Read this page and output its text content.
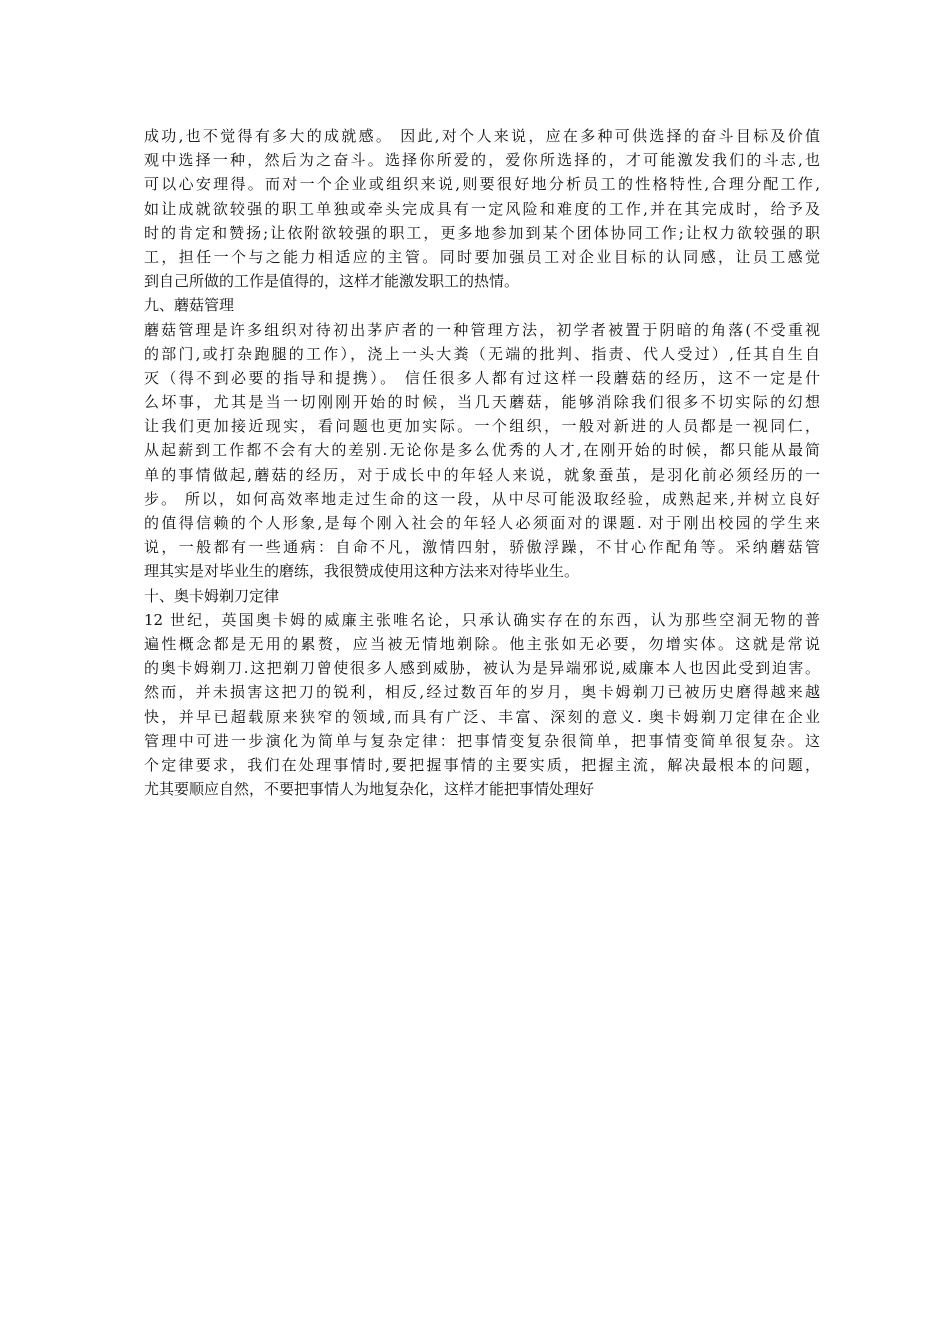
成功,也不觉得有多大的成就感。 因此,对个人来说，应在多种可供选择的奋斗目标及价值
观中选择一种，然后为之奋斗。选择你所爱的，爱你所选择的，才可能激发我们的斗志,也
可以心安理得。而对一个企业或组织来说,则要很好地分析员工的性格特性,合理分配工作,
如让成就欲较强的职工单独或牵头完成具有一定风险和难度的工作,并在其完成时，给予及
时的肯定和赞扬;让依附欲较强的职工，更多地参加到某个团体协同工作;让权力欲较强的职
工，担任一个与之能力相适应的主管。同时要加强员工对企业目标的认同感，让员工感觉
到自己所做的工作是值得的，这样才能激发职工的热情。
九、蘑菇管理
蘑菇管理是许多组织对待初出茅庐者的一种管理方法，初学者被置于阴暗的角落(不受重视
的部门,或打杂跑腿的工作），浇上一头大粪（无端的批判、指责、代人受过）,任其自生自
灭（得不到必要的指导和提携）。 信任很多人都有过这样一段蘑菇的经历，这不一定是什
么坏事，尤其是当一切刚刚开始的时候，当几天蘑菇，能够消除我们很多不切实际的幻想
让我们更加接近现实，看问题也更加实际。一个组织，一般对新进的人员都是一视同仁，
从起薪到工作都不会有大的差别.无论你是多么优秀的人才,在刚开始的时候，都只能从最简
单的事情做起,蘑菇的经历，对于成长中的年轻人来说，就象蚕茧，是羽化前必须经历的一
步。 所以，如何高效率地走过生命的这一段，从中尽可能汲取经验，成熟起来,并树立良好
的值得信赖的个人形象,是每个刚入社会的年轻人必须面对的课题. 对于刚出校园的学生来
说，一般都有一些通病：自命不凡，激情四射，骄傲浮躁，不甘心作配角等。采纳蘑菇管
理其实是对毕业生的磨练，我很赞成使用这种方法来对待毕业生。
十、奥卡姆剃刀定律
12 世纪，英国奥卡姆的威廉主张唯名论，只承认确实存在的东西，认为那些空洞无物的普
遍性概念都是无用的累赘，应当被无情地剃除。他主张如无必要，勿增实体。这就是常说
的奥卡姆剃刀.这把剃刀曾使很多人感到威胁，被认为是异端邪说,威廉本人也因此受到迫害。
然而，并未损害这把刀的锐利，相反,经过数百年的岁月，奥卡姆剃刀已被历史磨得越来越
快，并早已超载原来狭窄的领域,而具有广泛、丰富、深刻的意义. 奥卡姆剃刀定律在企业
管理中可进一步演化为简单与复杂定律：把事情变复杂很简单，把事情变简单很复杂。这
个定律要求，我们在处理事情时,要把握事情的主要实质，把握主流，解决最根本的问题，
尤其要顺应自然，不要把事情人为地复杂化，这样才能把事情处理好
